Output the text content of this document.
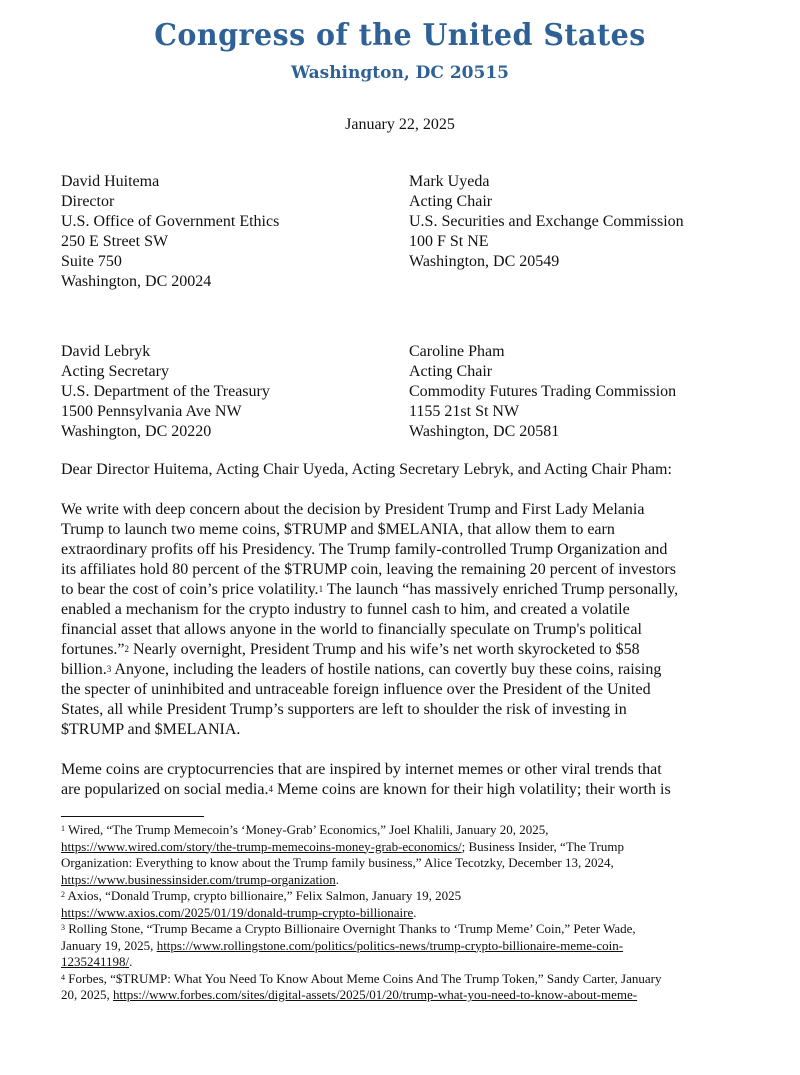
Congress of the United States
Washington, DC 20515
January 22, 2025
David Huitema
Director
U.S. Office of Government Ethics
250 E Street SW
Suite 750
Washington, DC 20024
Mark Uyeda
Acting Chair
U.S. Securities and Exchange Commission
100 F St NE
Washington, DC 20549
David Lebryk
Acting Secretary
U.S. Department of the Treasury
1500 Pennsylvania Ave NW
Washington, DC 20220
Caroline Pham
Acting Chair
Commodity Futures Trading Commission
1155 21st St NW
Washington, DC 20581
Dear Director Huitema, Acting Chair Uyeda, Acting Secretary Lebryk, and Acting Chair Pham:
We write with deep concern about the decision by President Trump and First Lady Melania
Trump to launch two meme coins, $TRUMP and $MELANIA, that allow them to earn
extraordinary profits off his Presidency. The Trump family-controlled Trump Organization and
its affiliates hold 80 percent of the $TRUMP coin, leaving the remaining 20 percent of investors
to bear the cost of coin’s price volatility.$^1$ The launch “has massively enriched Trump personally,
enabled a mechanism for the crypto industry to funnel cash to him, and created a volatile
financial asset that allows anyone in the world to financially speculate on Trump's political
fortunes.”$^2$ Nearly overnight, President Trump and his wife’s net worth skyrocketed to $58
billion.$^3$ Anyone, including the leaders of hostile nations, can covertly buy these coins, raising
the specter of uninhibited and untraceable foreign influence over the President of the United
States, all while President Trump’s supporters are left to shoulder the risk of investing in
$TRUMP and $MELANIA.
Meme coins are cryptocurrencies that are inspired by internet memes or other viral trends that
are popularized on social media.$^4$ Meme coins are known for their high volatility; their worth is
$^1$ Wired, “The Trump Memecoin’s ‘Money-Grab’ Economics,” Joel Khalili, January 20, 2025,
https://www.wired.com/story/the-trump-memecoins-money-grab-economics/; Business Insider, “The Trump
Organization: Everything to know about the Trump family business,” Alice Tecotzky, December 13, 2024,
https://www.businessinsider.com/trump-organization.
$^2$ Axios, “Donald Trump, crypto billionaire,” Felix Salmon, January 19, 2025
https://www.axios.com/2025/01/19/donald-trump-crypto-billionaire.
$^3$ Rolling Stone, “Trump Became a Crypto Billionaire Overnight Thanks to ‘Trump Meme’ Coin,” Peter Wade,
January 19, 2025, https://www.rollingstone.com/politics/politics-news/trump-crypto-billionaire-meme-coin-
1235241198/.
$^4$ Forbes, “$TRUMP: What You Need To Know About Meme Coins And The Trump Token,” Sandy Carter, January
20, 2025, https://www.forbes.com/sites/digital-assets/2025/01/20/trump-what-you-need-to-know-about-meme-
